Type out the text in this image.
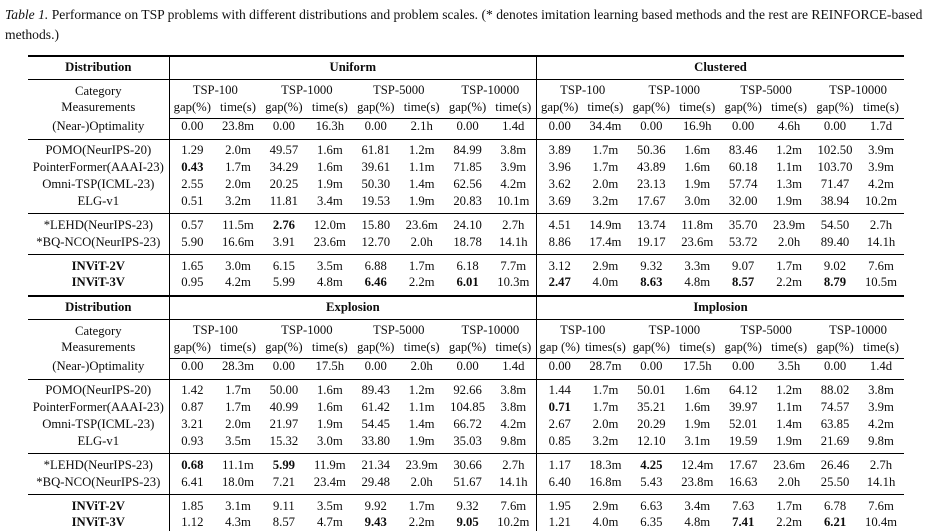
Table 1. Performance on TSP problems with different distributions and problem scales. (* denotes imitation learning based methods and the rest are REINFORCE-based methods.)

Distribution	Uniform								Clustered							

Category
Measurements	TSP-100		TSP-1000		TSP-5000		TSP-10000		TSP-100		TSP-1000		TSP-5000		TSP-10000	
	gap(%)	time(s)	gap(%)	time(s)	gap(%)	time(s)	gap(%)	time(s)	gap(%)	time(s)	gap(%)	time(s)	gap(%)	time(s)	gap(%)	time(s)
(Near-)Optimality	0.00	23.8m	0.00	16.3h	0.00	2.1h	0.00	1.4d	0.00	34.4m	0.00	16.9h	0.00	4.6h	0.00	1.7d
POMO(NeurIPS-20)	1.29	2.0m	49.57	1.6m	61.81	1.2m	84.99	3.8m	3.89	1.7m	50.36	1.6m	83.46	1.2m	102.50	3.9m
PointerFormer(AAAI-23)	0.43	1.7m	34.29	1.6m	39.61	1.1m	71.85	3.9m	3.96	1.7m	43.89	1.6m	60.18	1.1m	103.70	3.9m
Omni-TSP(ICML-23)	2.55	2.0m	20.25	1.9m	50.30	1.4m	62.56	4.2m	3.62	2.0m	23.13	1.9m	57.74	1.3m	71.47	4.2m
ELG-v1	0.51	3.2m	11.81	3.4m	19.53	1.9m	20.83	10.1m	3.69	3.2m	17.67	3.0m	32.00	1.9m	38.94	10.2m
*LEHD(NeurIPS-23)	0.57	11.5m	2.76	12.0m	15.80	23.6m	24.10	2.7h	4.51	14.9m	13.74	11.8m	35.70	23.9m	54.50	2.7h
*BQ-NCO(NeurIPS-23)	5.90	16.6m	3.91	23.6m	12.70	2.0h	18.78	14.1h	8.86	17.4m	19.17	23.6m	53.72	2.0h	89.40	14.1h
INViT-2V	1.65	3.0m	6.15	3.5m	6.88	1.7m	6.18	7.7m	3.12	2.9m	9.32	3.3m	9.07	1.7m	9.02	7.6m
INViT-3V	0.95	4.2m	5.99	4.8m	6.46	2.2m	6.01	10.3m	2.47	4.0m	8.63	4.8m	8.57	2.2m	8.79	10.5m
Distribution	Explosion								Implosion							

Category
Measurements	TSP-100		TSP-1000		TSP-5000		TSP-10000		TSP-100		TSP-1000		TSP-5000		TSP-10000	
	gap(%)	time(s)	gap(%)	time(s)	gap(%)	time(s)	gap(%)	time(s)	gap (%)	times(s)	gap(%)	time(s)	gap(%)	time(s)	gap(%)	time(s)
(Near-)Optimality	0.00	28.3m	0.00	17.5h	0.00	2.0h	0.00	1.4d	0.00	28.7m	0.00	17.5h	0.00	3.5h	0.00	1.4d
POMO(NeurIPS-20)	1.42	1.7m	50.00	1.6m	89.43	1.2m	92.66	3.8m	1.44	1.7m	50.01	1.6m	64.12	1.2m	88.02	3.8m
PointerFormer(AAAI-23)	0.87	1.7m	40.99	1.6m	61.42	1.1m	104.85	3.8m	0.71	1.7m	35.21	1.6m	39.97	1.1m	74.57	3.9m
Omni-TSP(ICML-23)	3.21	2.0m	21.97	1.9m	54.45	1.4m	66.72	4.2m	2.67	2.0m	20.29	1.9m	52.01	1.4m	63.85	4.2m
ELG-v1	0.93	3.5m	15.32	3.0m	33.80	1.9m	35.03	9.8m	0.85	3.2m	12.10	3.1m	19.59	1.9m	21.69	9.8m
*LEHD(NeurIPS-23)	0.68	11.1m	5.99	11.9m	21.34	23.9m	30.66	2.7h	1.17	18.3m	4.25	12.4m	17.67	23.6m	26.46	2.7h
*BQ-NCO(NeurIPS-23)	6.41	18.0m	7.21	23.4m	29.48	2.0h	51.67	14.1h	6.40	16.8m	5.43	23.8m	16.63	2.0h	25.50	14.1h
INViT-2V	1.85	3.1m	9.11	3.5m	9.92	1.7m	9.32	7.6m	1.95	2.9m	6.63	3.4m	7.63	1.7m	6.78	7.6m
INViT-3V	1.12	4.3m	8.57	4.7m	9.43	2.2m	9.05	10.2m	1.21	4.0m	6.35	4.8m	7.41	2.2m	6.21	10.4m
